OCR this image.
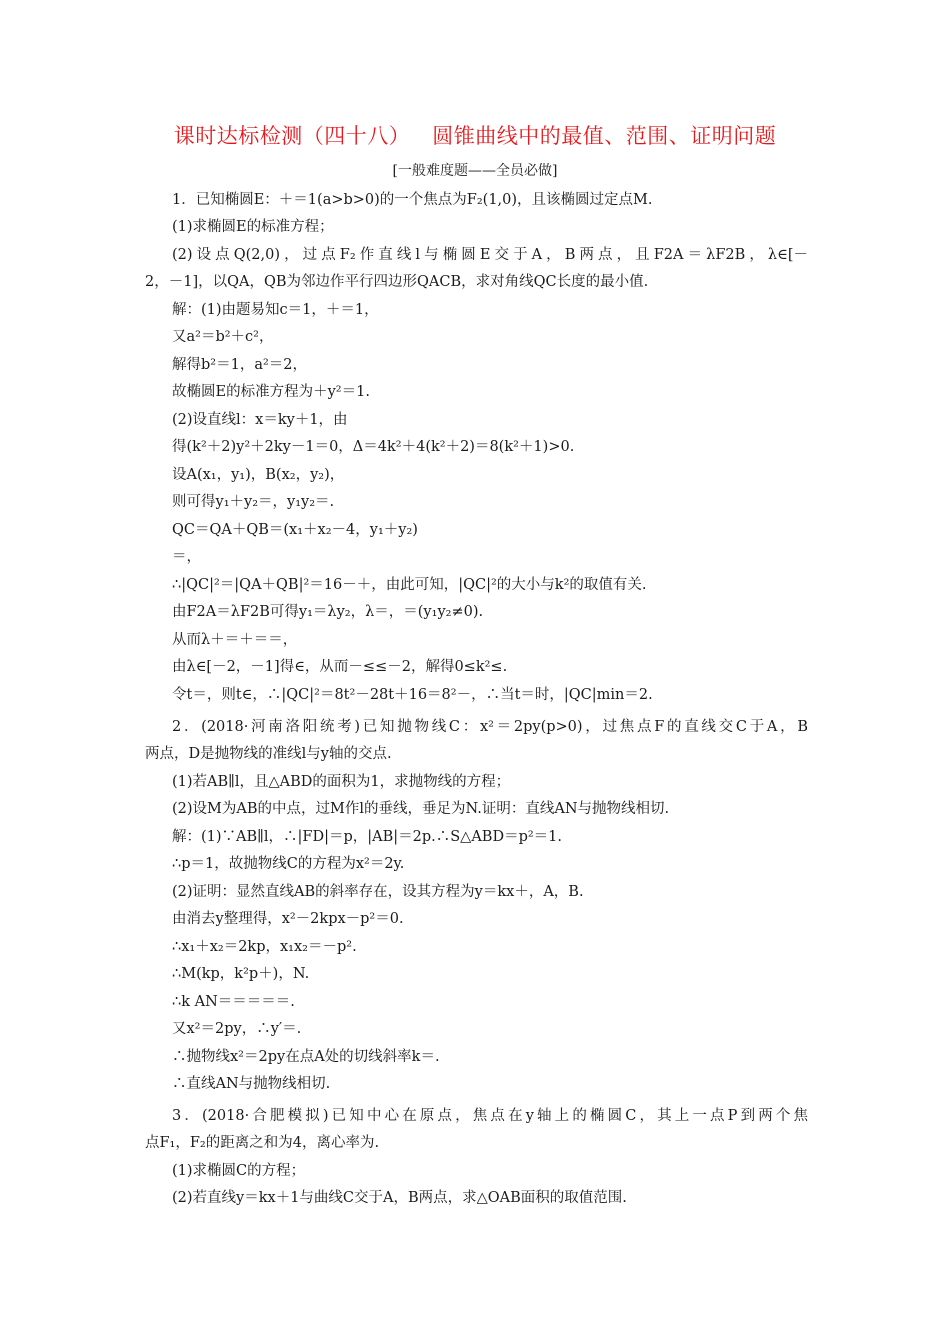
课时达标检测（四十八） 圆锥曲线中的最值、范围、证明问题
[一般难度题——全员必做]
1．已知椭圆E：＋＝1(a>b>0)的一个焦点为F₂(1,0)，且该椭圆过定点M.
(1)求椭圆E的标准方程；
(2)设点Q(2,0)，过点F₂作直线l与椭圆E交于A，B两点，且F2A＝λF2B，λ∈[－
2，－1]，以QA，QB为邻边作平行四边形QACB，求对角线QC长度的最小值.
解：(1)由题易知c＝1，＋＝1，
又a²＝b²＋c²，
解得b²＝1，a²＝2，
故椭圆E的标准方程为＋y²＝1.
(2)设直线l：x＝ky＋1，由
得(k²＋2)y²＋2ky－1＝0，Δ＝4k²＋4(k²＋2)＝8(k²＋1)>0.
设A(x₁，y₁)，B(x₂，y₂)，
则可得y₁＋y₂＝，y₁y₂＝.
QC＝QA＋QB＝(x₁＋x₂－4，y₁＋y₂)
＝，
∴|QC|²＝|QA＋QB|²＝16－＋，由此可知，|QC|²的大小与k²的取值有关.
由F2A＝λF2B可得y₁＝λy₂，λ＝，＝(y₁y₂≠0).
从而λ＋＝＋＝＝，
由λ∈[－2，－1]得∈，从而－≤≤－2，解得0≤k²≤.
令t＝，则t∈，∴|QC|²＝8t²－28t＋16＝8²－，∴当t＝时，|QC|min＝2.
2．(2018·河南洛阳统考)已知抛物线C：x²＝2py(p>0)，过焦点F的直线交C于A，B
两点，D是抛物线的准线l与y轴的交点.
(1)若AB∥l，且△ABD的面积为1，求抛物线的方程；
(2)设M为AB的中点，过M作l的垂线，垂足为N.证明：直线AN与抛物线相切.
解：(1)∵AB∥l，∴|FD|＝p，|AB|＝2p.∴S△ABD＝p²＝1.
∴p＝1，故抛物线C的方程为x²＝2y.
(2)证明：显然直线AB的斜率存在，设其方程为y＝kx＋，A，B.
由消去y整理得，x²－2kpx－p²＝0.
∴x₁＋x₂＝2kp，x₁x₂＝－p².
∴M(kp，k²p＋)，N.
∴k AN＝＝＝＝＝.
又x²＝2py，∴y′＝.
∴抛物线x²＝2py在点A处的切线斜率k＝.
∴直线AN与抛物线相切.
3．(2018·合肥模拟)已知中心在原点，焦点在y轴上的椭圆C，其上一点P到两个焦
点F₁，F₂的距离之和为4，离心率为.
(1)求椭圆C的方程；
(2)若直线y＝kx＋1与曲线C交于A，B两点，求△OAB面积的取值范围.
